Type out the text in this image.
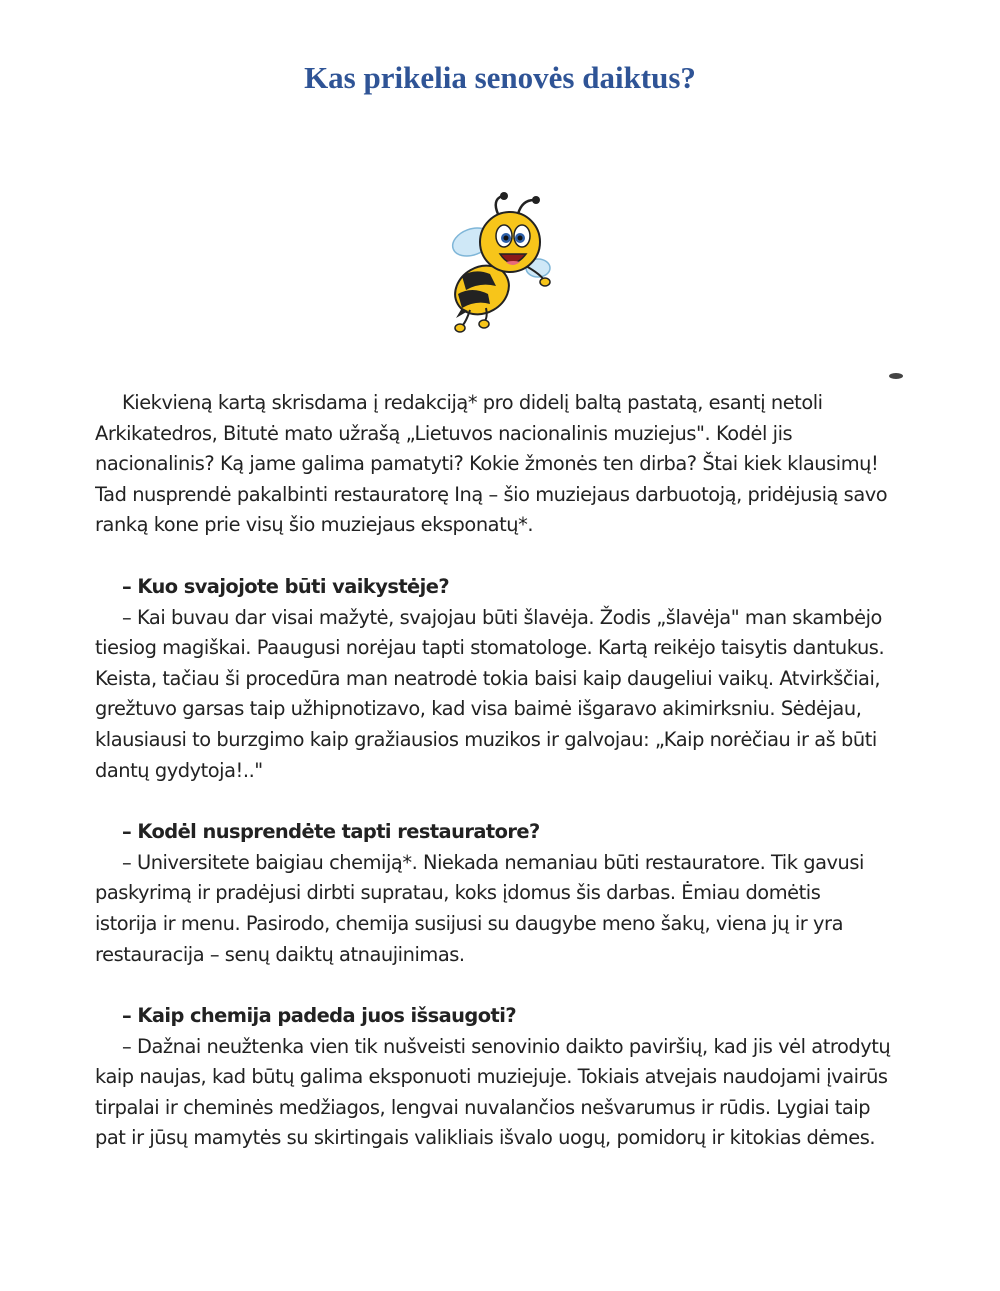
Kas prikelia senovės daiktus?
Kiekvieną kartą skrisdama į redakciją* pro didelį baltą pastatą, esantį netoli
Arkikatedros, Bitutė mato užrašą „Lietuvos nacionalinis muziejus". Kodėl jis
nacionalinis? Ką jame galima pamatyti? Kokie žmonės ten dirba? Štai kiek klausimų!
Tad nusprendė pakalbinti restauratorę Iną – šio muziejaus darbuotoją, pridėjusią savo
ranką kone prie visų šio muziejaus eksponatų*.
– Kuo svajojote būti vaikystėje?
– Kai buvau dar visai mažytė, svajojau būti šlavėja. Žodis „šlavėja" man skambėjo
tiesiog magiškai. Paaugusi norėjau tapti stomatologe. Kartą reikėjo taisytis dantukus.
Keista, tačiau ši procedūra man neatrodė tokia baisi kaip daugeliui vaikų. Atvirkščiai,
grežtuvo garsas taip užhipnotizavo, kad visa baimė išgaravo akimirksniu. Sėdėjau,
klausiausi to burzgimo kaip gražiausios muzikos ir galvojau: „Kaip norėčiau ir aš būti
dantų gydytoja!.."
– Kodėl nusprendėte tapti restauratore?
– Universitete baigiau chemiją*. Niekada nemaniau būti restauratore. Tik gavusi
paskyrimą ir pradėjusi dirbti supratau, koks įdomus šis darbas. Ėmiau domėtis
istorija ir menu. Pasirodo, chemija susijusi su daugybe meno šakų, viena jų ir yra
restauracija – senų daiktų atnaujinimas.
– Kaip chemija padeda juos išsaugoti?
– Dažnai neužtenka vien tik nušveisti senovinio daikto paviršių, kad jis vėl atrodytų
kaip naujas, kad būtų galima eksponuoti muziejuje. Tokiais atvejais naudojami įvairūs
tirpalai ir cheminės medžiagos, lengvai nuvalančios nešvarumus ir rūdis. Lygiai taip
pat ir jūsų mamytės su skirtingais valikliais išvalo uogų, pomidorų ir kitokias dėmes.
